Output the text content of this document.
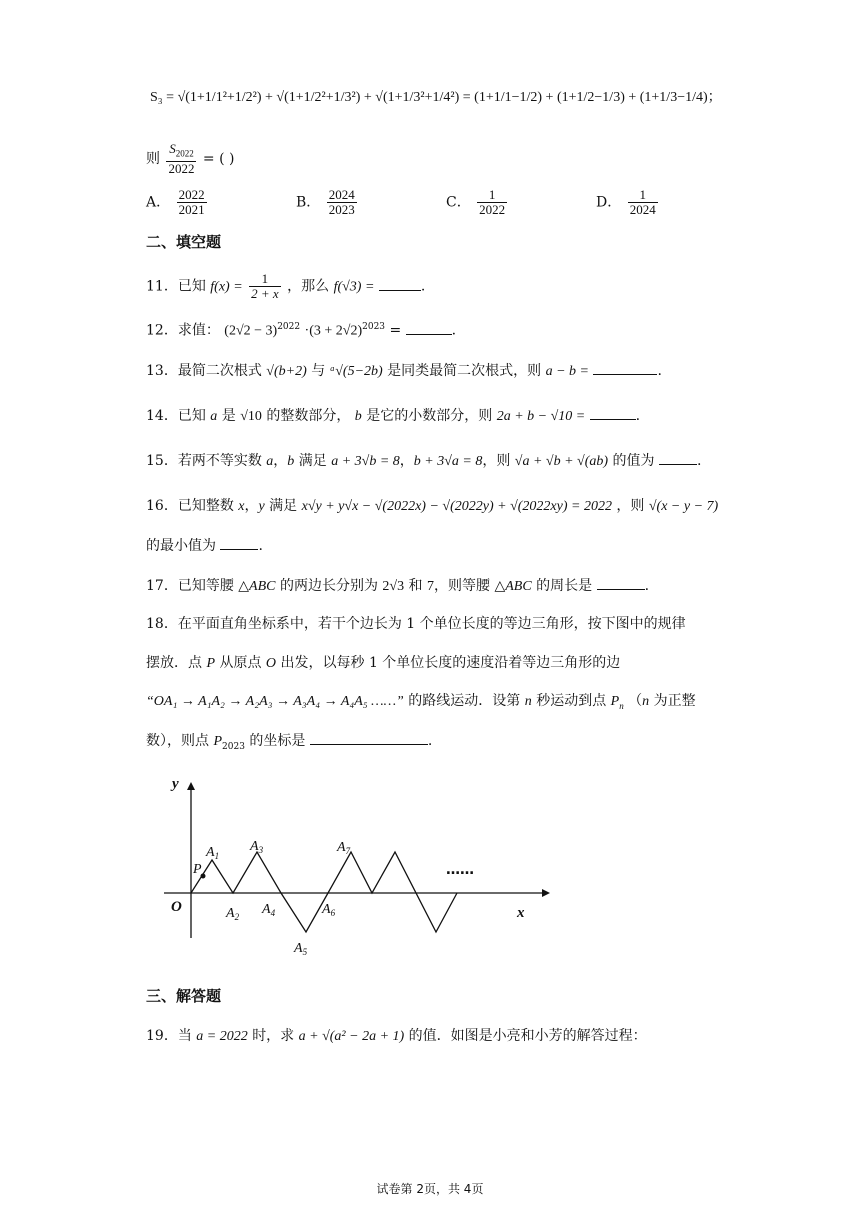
S₃ = √(1+1/1²+1/2²) + √(1+1/2²+1/3²) + √(1+1/3²+1/4²) = (1+1/1−1/2) + (1+1/2−1/3) + (1+1/3−1/4)；
则 $\frac{S_{2022}}{2022}$ = ( )
A． $\frac{2022}{2021}$	B． $\frac{2024}{2023}$	C． $\frac{1}{2022}$	D． $\frac{1}{2024}$
二、填空题
11．已知 $f(x) = \frac{1}{2 + x}$ ，那么 f(√3) =	.
12．求值： $(2√2 - 3)^{2022} \cdot(3 + 2√2)^{2023}$ =	.
13．最简二次根式 √(b+2) 与 ᵃ√(5−2b) 是同类最简二次根式，则 a − b =	.
14．已知 a 是 √10 的整数部分， b 是它的小数部分，则 2a + b − √10 =	.
15．若两不等实数 a，b 满足 a + 3√b = 8，b + 3√a = 8，则 √a + √b + √(ab) 的值为	.
16．已知整数 x，y 满足 x√y + y√x − √(2022x) − √(2022y) + √(2022xy) = 2022 ，则 √(x − y − 7)
的最小值为	.
17．已知等腰 △ABC 的两边长分别为 2√3 和 7，则等腰 △ABC 的周长是	.
18．在平面直角坐标系中，若干个边长为 1 个单位长度的等边三角形，按下图中的规律
摆放．点 P 从原点 O 出发，以每秒 1 个单位长度的速度沿着等边三角形的边
“OA₁ → A₁A₂ → A₂A₃ → A₃A₄ → A₄A₅ ……” 的路线运动．设第 n 秒运动到点 $P_n$ （n 为正整
数），则点 $P_{2023}$ 的坐标是	.
y
x
O
P
$A_1$
$A_2$
$A_3$
$A_4$
$A_5$
$A_6$
$A_7$
……
三、解答题
19．当 a = 2022 时，求 a + √(a² − 2a + 1) 的值．如图是小亮和小芳的解答过程：
试卷第 2页，共 4页
